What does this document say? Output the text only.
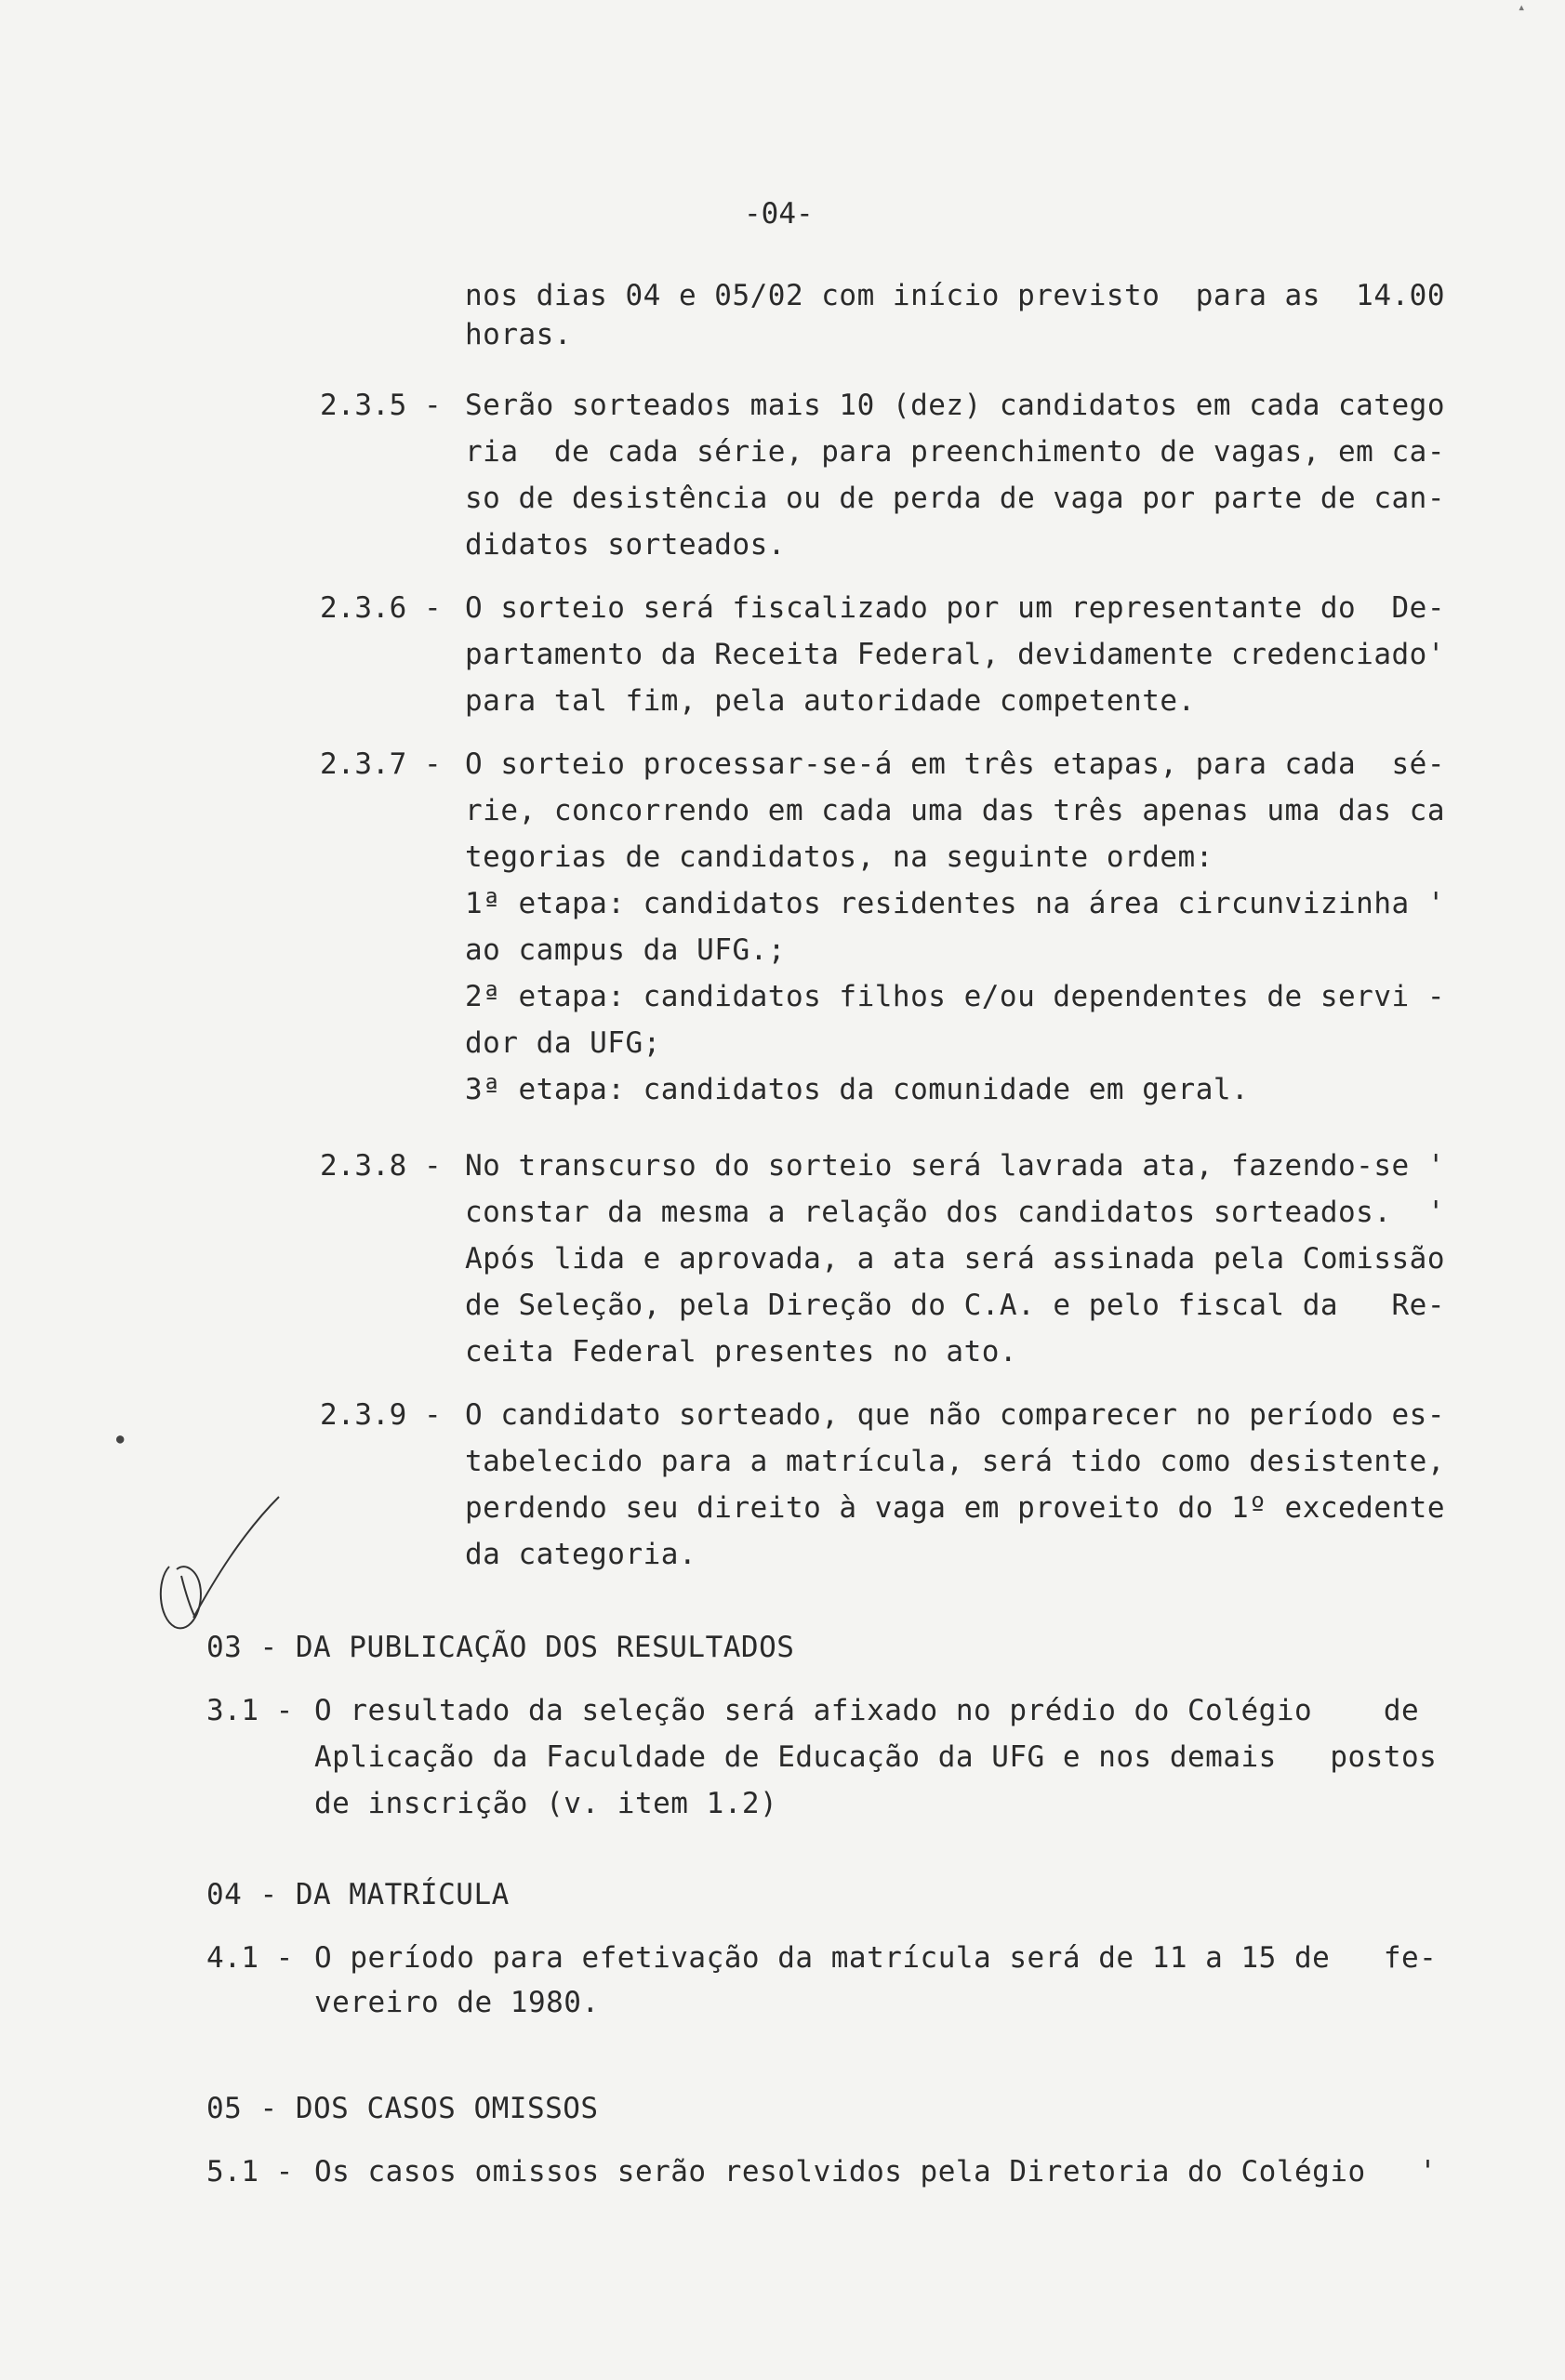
-04-
nos dias 04 e 05/02 com início previsto  para as  14.00
horas.
2.3.5 - Serão sorteados mais 10 (dez) candidatos em cada catego
ria  de cada série, para preenchimento de vagas, em ca-
so de desistência ou de perda de vaga por parte de can-
didatos sorteados.
2.3.6 - O sorteio será fiscalizado por um representante do  De-
partamento da Receita Federal, devidamente credenciado'
para tal fim, pela autoridade competente.
2.3.7 - O sorteio processar-se-á em três etapas, para cada  sé-
rie, concorrendo em cada uma das três apenas uma das ca
tegorias de candidatos, na seguinte ordem:
1ª etapa: candidatos residentes na área circunvizinha '
ao campus da UFG.;
2ª etapa: candidatos filhos e/ou dependentes de servi -
dor da UFG;
3ª etapa: candidatos da comunidade em geral.
2.3.8 - No transcurso do sorteio será lavrada ata, fazendo-se '
constar da mesma a relação dos candidatos sorteados.  '
Após lida e aprovada, a ata será assinada pela Comissão
de Seleção, pela Direção do C.A. e pelo fiscal da   Re-
ceita Federal presentes no ato.
2.3.9 - O candidato sorteado, que não comparecer no período es-
tabelecido para a matrícula, será tido como desistente,
perdendo seu direito à vaga em proveito do 1º excedente
da categoria.
03 - DA PUBLICAÇÃO DOS RESULTADOS
3.1 - O resultado da seleção será afixado no prédio do Colégio    de
Aplicação da Faculdade de Educação da UFG e nos demais   postos
de inscrição (v. item 1.2)
04 - DA MATRÍCULA
4.1 - O período para efetivação da matrícula será de 11 a 15 de   fe-
vereiro de 1980.
05 - DOS CASOS OMISSOS
5.1 - Os casos omissos serão resolvidos pela Diretoria do Colégio   '
▴
●
